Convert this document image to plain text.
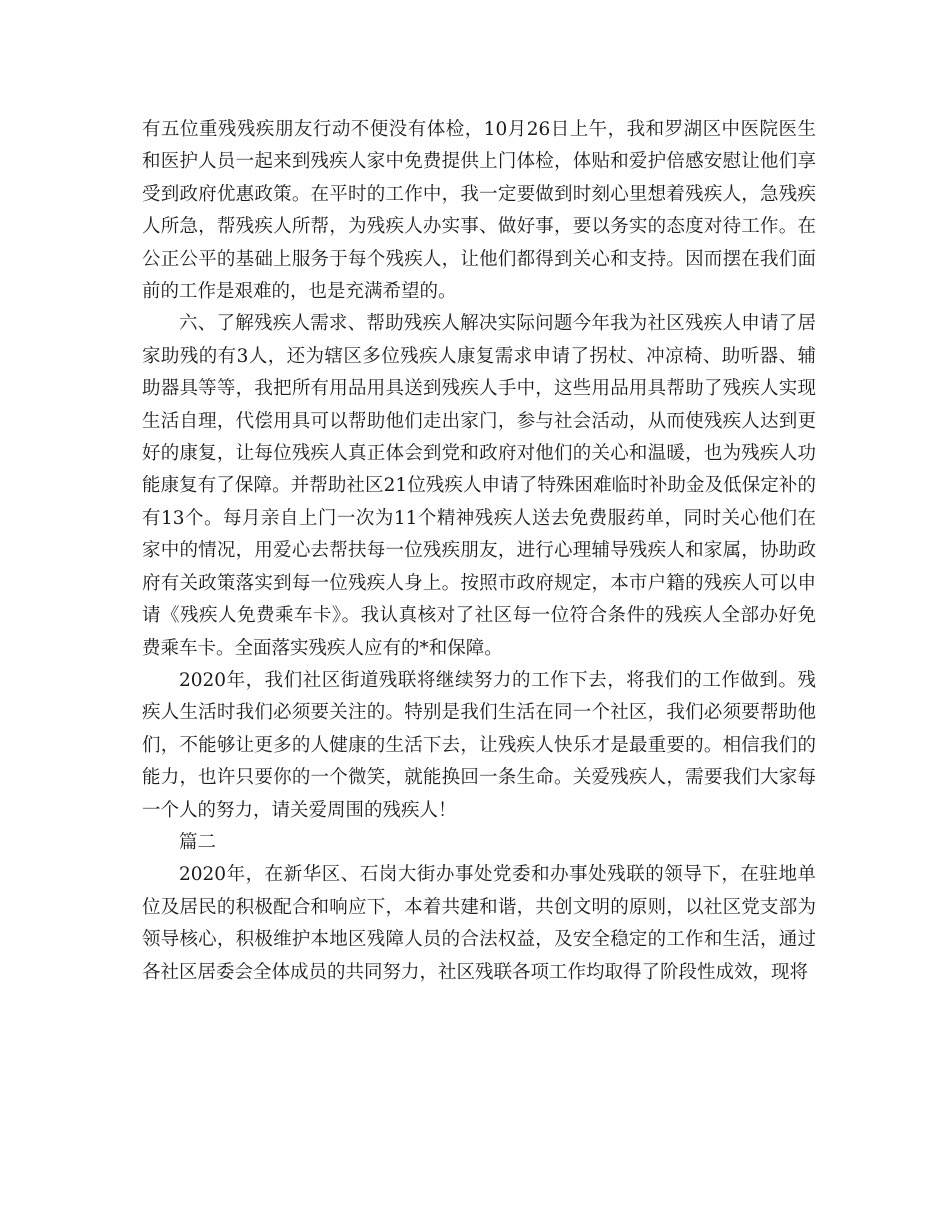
有五位重残残疾朋友行动不便没有体检，10月26日上午，我和罗湖区中医院医生和医护人员一起来到残疾人家中免费提供上门体检，体贴和爱护倍感安慰让他们享受到政府优惠政策。在平时的工作中，我一定要做到时刻心里想着残疾人，急残疾人所急，帮残疾人所帮，为残疾人办实事、做好事，要以务实的态度对待工作。在公正公平的基础上服务于每个残疾人，让他们都得到关心和支持。因而摆在我们面前的工作是艰难的，也是充满希望的。

六、了解残疾人需求、帮助残疾人解决实际问题今年我为社区残疾人申请了居家助残的有3人，还为辖区多位残疾人康复需求申请了拐杖、冲凉椅、助听器、辅助器具等等，我把所有用品用具送到残疾人手中，这些用品用具帮助了残疾人实现生活自理，代偿用具可以帮助他们走出家门，参与社会活动，从而使残疾人达到更好的康复，让每位残疾人真正体会到党和政府对他们的关心和温暖，也为残疾人功能康复有了保障。并帮助社区21位残疾人申请了特殊困难临时补助金及低保定补的有13个。每月亲自上门一次为11个精神残疾人送去免费服药单，同时关心他们在家中的情况，用爱心去帮扶每一位残疾朋友，进行心理辅导残疾人和家属，协助政府有关政策落实到每一位残疾人身上。按照市政府规定，本市户籍的残疾人可以申请《残疾人免费乘车卡》。我认真核对了社区每一位符合条件的残疾人全部办好免费乘车卡。全面落实残疾人应有的*和保障。

2020年，我们社区街道残联将继续努力的工作下去，将我们的工作做到。残疾人生活时我们必须要关注的。特别是我们生活在同一个社区，我们必须要帮助他们，不能够让更多的人健康的生活下去，让残疾人快乐才是最重要的。相信我们的能力，也许只要你的一个微笑，就能换回一条生命。关爱残疾人，需要我们大家每一个人的努力，请关爱周围的残疾人！

篇二

2020年，在新华区、石岗大街办事处党委和办事处残联的领导下，在驻地单位及居民的积极配合和响应下，本着共建和谐，共创文明的原则，以社区党支部为领导核心，积极维护本地区残障人员的合法权益，及安全稳定的工作和生活，通过各社区居委会全体成员的共同努力，社区残联各项工作均取得了阶段性成效，现将
